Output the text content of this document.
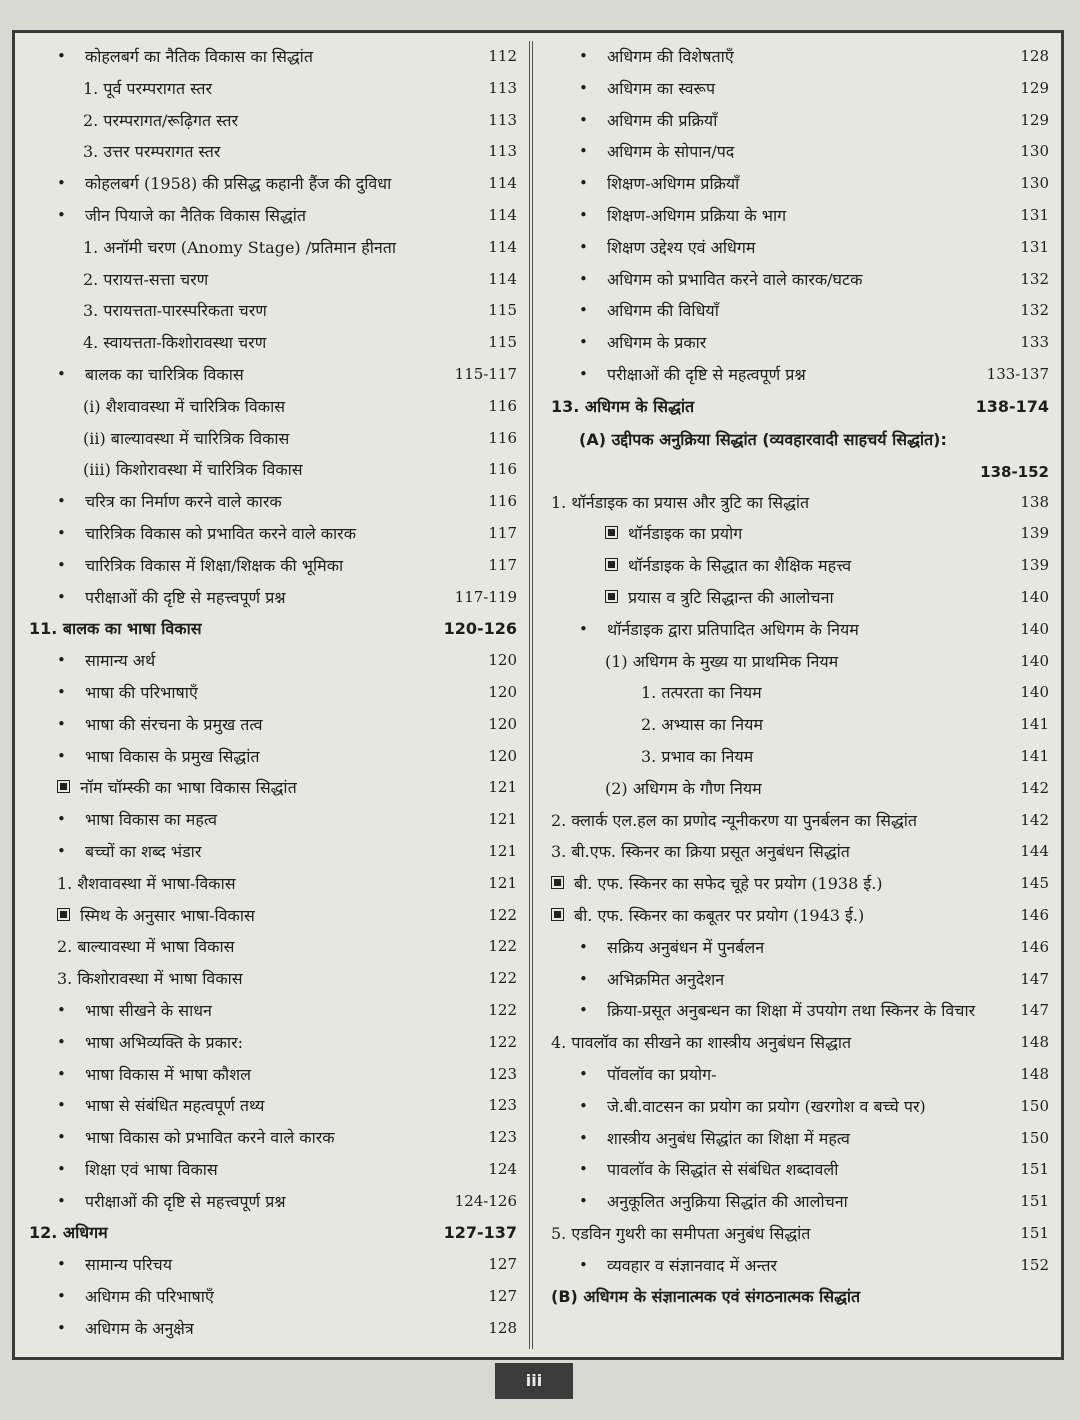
• कोहलबर्ग का नैतिक विकास का सिद्धांत	112
1. पूर्व परम्परागत स्तर	113
2. परम्परागत/रूढ़िगत स्तर	113
3. उत्तर परम्परागत स्तर	113
• कोहलबर्ग (1958) की प्रसिद्ध कहानी हैंज की दुविधा	114
• जीन पियाजे का नैतिक विकास सिद्धांत	114
1. अनॉमी चरण (Anomy Stage) /प्रतिमान हीनता	114
2. परायत्त-सत्ता चरण	114
3. परायत्तता-पारस्परिकता चरण	115
4. स्वायत्तता-किशोरावस्था चरण	115
• बालक का चारित्रिक विकास	115-117
(i) शैशवावस्था में चारित्रिक विकास	116
(ii) बाल्यावस्था में चारित्रिक विकास	116
(iii) किशोरावस्था में चारित्रिक विकास	116
• चरित्र का निर्माण करने वाले कारक	116
• चारित्रिक विकास को प्रभावित करने वाले कारक	117
• चारित्रिक विकास में शिक्षा/शिक्षक की भूमिका	117
• परीक्षाओं की दृष्टि से महत्त्वपूर्ण प्रश्न	117-119
11. बालक का भाषा विकास	120-126
• सामान्य अर्थ	120
• भाषा की परिभाषाएँ	120
• भाषा की संरचना के प्रमुख तत्व	120
• भाषा विकास के प्रमुख सिद्धांत	120
नॉम चॉम्स्की का भाषा विकास सिद्धांत	121
• भाषा विकास का महत्व	121
• बच्चों का शब्द भंडार	121
1. शैशवावस्था में भाषा-विकास	121
स्मिथ के अनुसार भाषा-विकास	122
2. बाल्यावस्था में भाषा विकास	122
3. किशोरावस्था में भाषा विकास	122
• भाषा सीखने के साधन	122
• भाषा अभिव्यक्ति के प्रकार:	122
• भाषा विकास में भाषा कौशल	123
• भाषा से संबंधित महत्वपूर्ण तथ्य	123
• भाषा विकास को प्रभावित करने वाले कारक	123
• शिक्षा एवं भाषा विकास	124
• परीक्षाओं की दृष्टि से महत्त्वपूर्ण प्रश्न	124-126
12. अधिगम	127-137
• सामान्य परिचय	127
• अधिगम की परिभाषाएँ	127
• अधिगम के अनुक्षेत्र	128
• अधिगम की विशेषताएँ	128
• अधिगम का स्वरूप	129
• अधिगम की प्रक्रियाँ	129
• अधिगम के सोपान/पद	130
• शिक्षण-अधिगम प्रक्रियाँ	130
• शिक्षण-अधिगम प्रक्रिया के भाग	131
• शिक्षण उद्देश्य एवं अधिगम	131
• अधिगम को प्रभावित करने वाले कारक/घटक	132
• अधिगम की विधियाँ	132
• अधिगम के प्रकार	133
• परीक्षाओं की दृष्टि से महत्वपूर्ण प्रश्न	133-137
13. अधिगम के सिद्धांत	138-174
(A) उद्दीपक अनुक्रिया सिद्धांत (व्यवहारवादी साहचर्य सिद्धांत):
138-152
1. थॉर्नडाइक का प्रयास और त्रुटि का सिद्धांत	138
थॉर्नडाइक का प्रयोग	139
थॉर्नडाइक के सिद्धात का शैक्षिक महत्त्व	139
प्रयास व त्रुटि सिद्धान्त की आलोचना	140
• थॉर्नडाइक द्वारा प्रतिपादित अधिगम के नियम	140
(1) अधिगम के मुख्य या प्राथमिक नियम	140
1. तत्परता का नियम	140
2. अभ्यास का नियम	141
3. प्रभाव का नियम	141
(2) अधिगम के गौण नियम	142
2. क्लार्क एल.हल का प्रणोद न्यूनीकरण या पुनर्बलन का सिद्धांत	142
3. बी.एफ. स्किनर का क्रिया प्रसूत अनुबंधन सिद्धांत	144
बी. एफ. स्किनर का सफेद चूहे पर प्रयोग (1938 ई.)	145
बी. एफ. स्किनर का कबूतर पर प्रयोग (1943 ई.)	146
• सक्रिय अनुबंधन में पुनर्बलन	146
• अभिक्रमित अनुदेशन	147
• क्रिया-प्रसूत अनुबन्धन का शिक्षा में उपयोग तथा स्किनर के विचार	147
4. पावलॉव का सीखने का शास्त्रीय अनुबंधन सिद्धात	148
• पॉवलॉव का प्रयोग-	148
• जे.बी.वाटसन का प्रयोग का प्रयोग (खरगोश व बच्चे पर)	150
• शास्त्रीय अनुबंध सिद्धांत का शिक्षा में महत्व	150
• पावलॉव के सिद्धांत से संबंधित शब्दावली	151
• अनुकूलित अनुक्रिया सिद्धांत की आलोचना	151
5. एडविन गुथरी का समीपता अनुबंध सिद्धांत	151
• व्यवहार व संज्ञानवाद में अन्तर	152
(B) अधिगम के संज्ञानात्मक एवं संगठनात्मक सिद्धांत
iii
